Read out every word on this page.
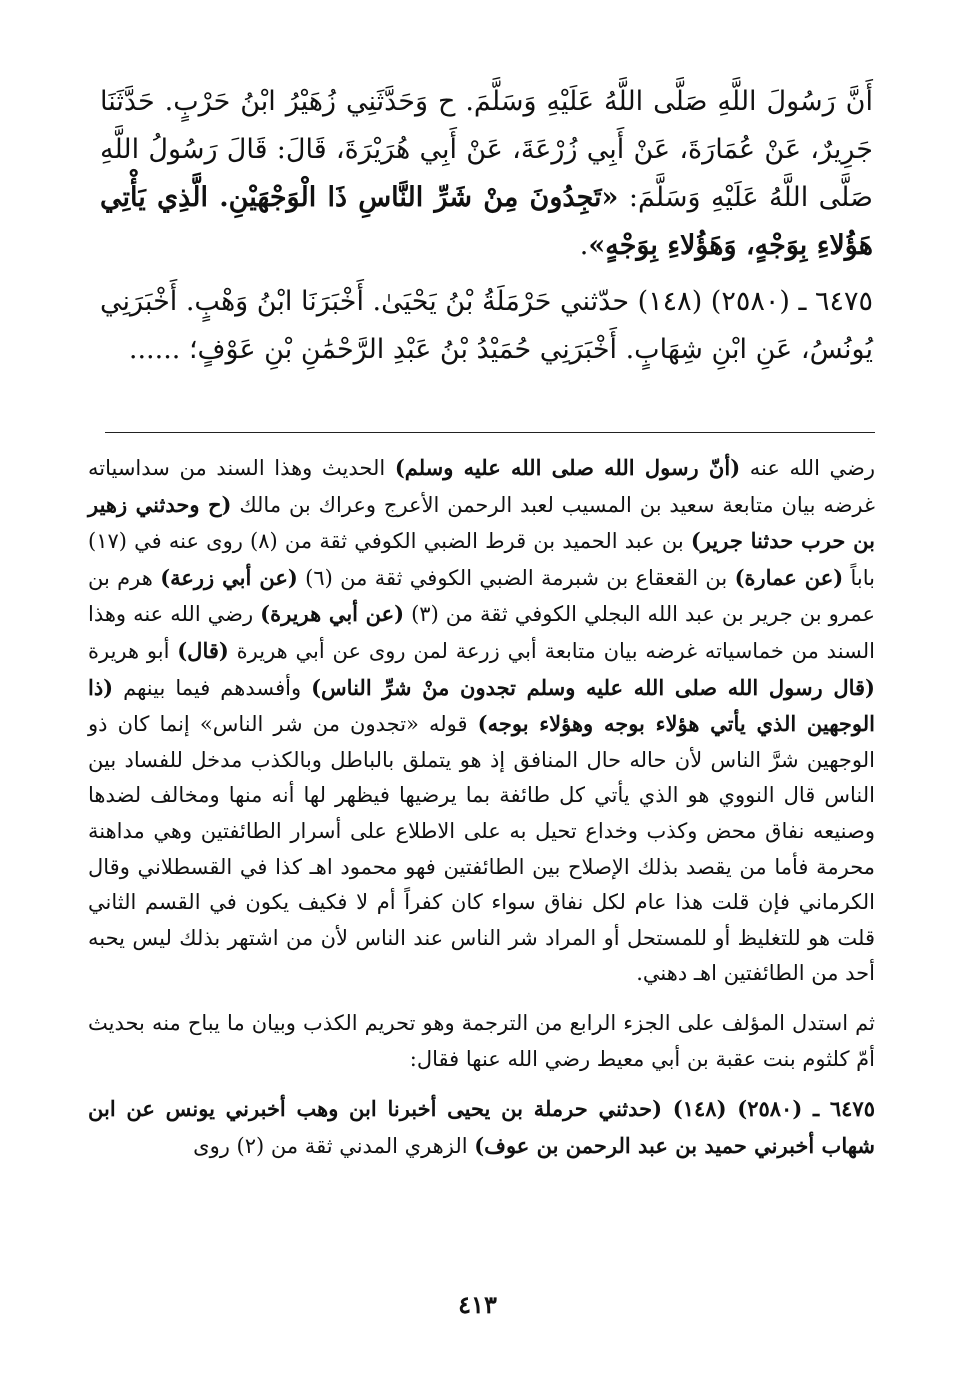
أَنَّ رَسُولَ اللَّهِ صَلَّى اللَّهُ عَلَيْهِ وَسَلَّمَ. ح وَحَدَّثَنِي زُهَيْرُ ابْنُ حَرْبٍ. حَدَّثَنَا جَرِيرٌ، عَنْ عُمَارَةَ، عَنْ أَبِي زُرْعَةَ، عَنْ أَبِي هُرَيْرَةَ، قَالَ: قَالَ رَسُولُ اللَّهِ صَلَّى اللَّهُ عَلَيْهِ وَسَلَّمَ: «تَجِدُونَ مِنْ شَرِّ النَّاسِ ذَا الْوَجْهَيْنِ. الَّذِي يَأْتِي هَؤُلاءِ بِوَجْهٍ، وَهَؤُلاءِ بِوَجْهٍ».

٦٤٧٥ ـ (٢٥٨٠) (١٤٨) حدّثني حَرْمَلَةُ بْنُ يَحْيَىٰ. أَخْبَرَنَا ابْنُ وَهْبٍ. أَخْبَرَنِي يُونُسُ، عَنِ ابْنِ شِهَابٍ. أَخْبَرَنِي حُمَيْدُ بْنُ عَبْدِ الرَّحْمَٰنِ بْنِ عَوْفٍ؛ ......

رضي الله عنه (أنّ رسول الله صلى الله عليه وسلم) الحديث وهذا السند من سداسياته غرضه بيان متابعة سعيد بن المسيب لعبد الرحمن الأعرج وعراك بن مالك (ح وحدثني زهير بن حرب حدثنا جرير) بن عبد الحميد بن قرط الضبي الكوفي ثقة من (٨) روى عنه في (١٧) باباً (عن عمارة) بن القعقاع بن شبرمة الضبي الكوفي ثقة من (٦) (عن أبي زرعة) هرم بن عمرو بن جرير بن عبد الله البجلي الكوفي ثقة من (٣) (عن أبي هريرة) رضي الله عنه وهذا السند من خماسياته غرضه بيان متابعة أبي زرعة لمن روى عن أبي هريرة (قال) أبو هريرة (قال رسول الله صلى الله عليه وسلم تجدون منْ شرِّ الناس) وأفسدهم فيما بينهم (ذا الوجهين الذي يأتي هؤلاء بوجه وهؤلاء بوجه) قوله «تجدون من شر الناس» إنما كان ذو الوجهين شرَّ الناس لأن حاله حال المنافق إذ هو يتملق بالباطل وبالكذب مدخل للفساد بين الناس قال النووي هو الذي يأتي كل طائفة بما يرضيها فيظهر لها أنه منها ومخالف لضدها وصنيعه نفاق محض وكذب وخداع تحيل به على الاطلاع على أسرار الطائفتين وهي مداهنة محرمة فأما من يقصد بذلك الإصلاح بين الطائفتين فهو محمود اهـ كذا في القسطلاني وقال الكرماني فإن قلت هذا عام لكل نفاق سواء كان كفراً أم لا فكيف يكون في القسم الثاني قلت هو للتغليظ أو للمستحل أو المراد شر الناس عند الناس لأن من اشتهر بذلك ليس يحبه أحد من الطائفتين اهـ دهني.

ثم استدل المؤلف على الجزء الرابع من الترجمة وهو تحريم الكذب وبيان ما يباح منه بحديث أمّ كلثوم بنت عقبة بن أبي معيط رضي الله عنها فقال:

٦٤٧٥ ـ (٢٥٨٠) (١٤٨) (حدثني حرملة بن يحيى أخبرنا ابن وهب أخبرني يونس عن ابن شهاب أخبرني حميد بن عبد الرحمن بن عوف) الزهري المدني ثقة من (٢) روى

٤١٣
